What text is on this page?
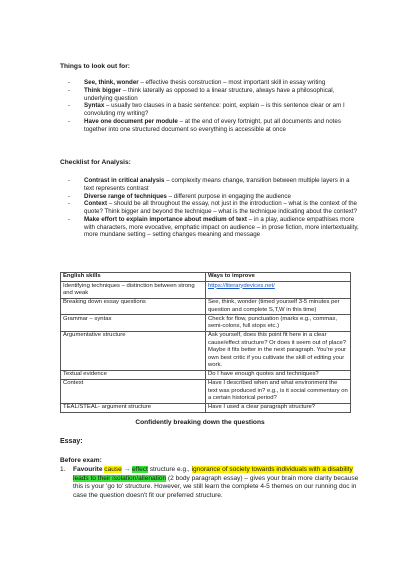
Things to look out for:
- See, think, wonder – effective thesis construction – most important skill in essay writing
- Think bigger – think laterally as opposed to a linear structure, always have a philosophical, underlying question
- Syntax – usually two clauses in a basic sentence: point, explain – is this sentence clear or am I convoluting my writing?
- Have one document per module – at the end of every fortnight, put all documents and notes together into one structured document so everything is accessible at once
Checklist for Analysis:
- Contrast in critical analysis – complexity means change, transition between multiple layers in a text represents contrast
- Diverse range of techniques – different purpose in engaging the audience
- Context – should be all throughout the essay, not just in the introduction – what is the context of the quote? Think bigger and beyond the technique – what is the technique indicating about the context?
- Make effort to explain importance about medium of text – in a play, audience empathises more with characters, more evocative, emphatic impact on audience – in prose fiction, more intertextuality, more mundane setting – setting changes meaning and message
English skills	Ways to improve
Identifying techniques – distinction between strong and weak	https://literarydevices.net/
Breaking down essay questions	See, think, wonder (timed yourself 3-5 minutes per question and complete S,T,W in this time)
Grammar – syntax	Check for flow, punctuation (marks e.g., commas, semi-colons, full stops etc.)
Argumentative structure	Ask yourself, does this point fit here in a clear cause/effect structure? Or does it seem out of place? Maybe it fits better in the next paragraph. You're your own best critic if you cultivate the skill of editing your work.
Textual evidence	Do I have enough quotes and techniques?
Context	Have I described when and what environment the text was produced in? e.g., is it social commentary on a certain historical period?
TEAL/STEAL- argument structure	Have I used a clear paragraph structure?
Confidently breaking down the questions
Essay:
Before exam:
1. Favourite cause → effect structure e.g., ignorance of society towards individuals with a disability leads to their isolation/alienation (2 body paragraph essay) – gives your brain more clarity because this is your 'go to' structure. However, we still learn the complete 4-5 themes on our running doc in case the question doesn't fit our preferred structure.
